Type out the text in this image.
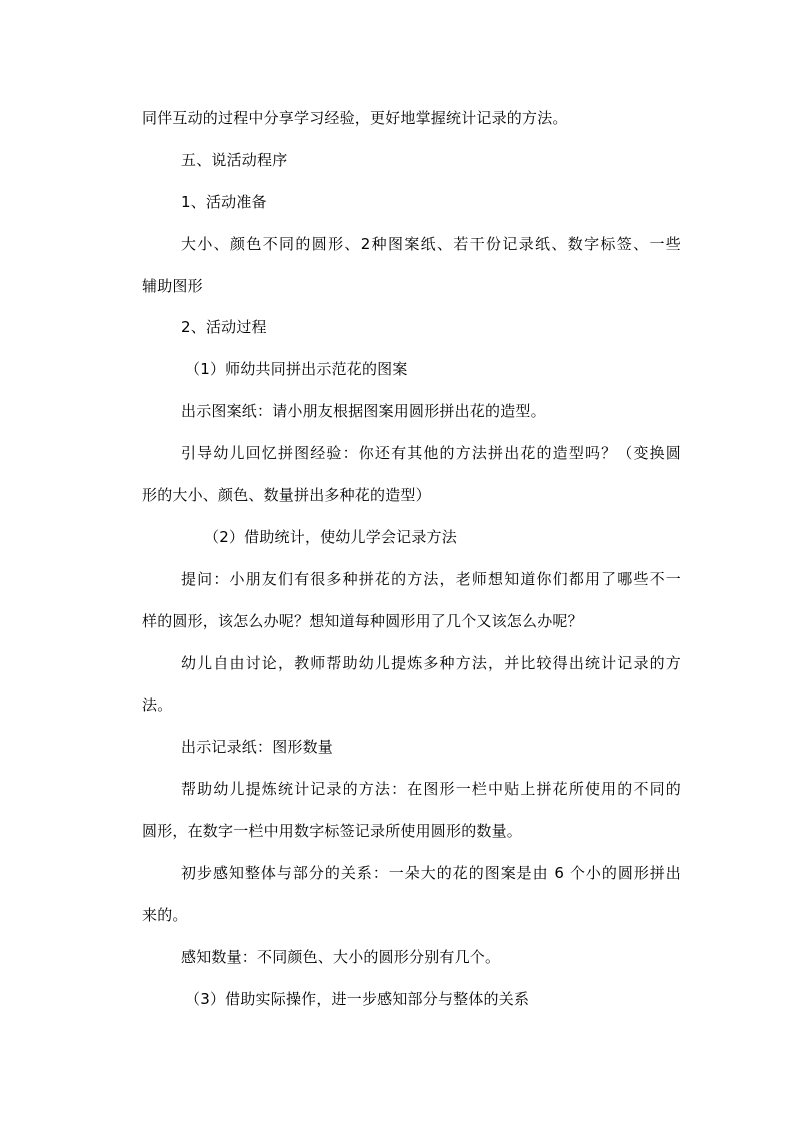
同伴互动的过程中分享学习经验，更好地掌握统计记录的方法。
五、说活动程序
1、活动准备
大小、颜色不同的圆形、2种图案纸、若干份记录纸、数字标签、一些
辅助图形
2、活动过程
（1）师幼共同拼出示范花的图案
出示图案纸：请小朋友根据图案用圆形拼出花的造型。
引导幼儿回忆拼图经验：你还有其他的方法拼出花的造型吗？（变换圆
形的大小、颜色、数量拼出多种花的造型）
（2）借助统计，使幼儿学会记录方法
提问：小朋友们有很多种拼花的方法，老师想知道你们都用了哪些不一
样的圆形，该怎么办呢？想知道每种圆形用了几个又该怎么办呢？
幼儿自由讨论，教师帮助幼儿提炼多种方法，并比较得出统计记录的方
法。
出示记录纸：图形数量
帮助幼儿提炼统计记录的方法：在图形一栏中贴上拼花所使用的不同的
圆形，在数字一栏中用数字标签记录所使用圆形的数量。
初步感知整体与部分的关系：一朵大的花的图案是由 6 个小的圆形拼出
来的。
感知数量：不同颜色、大小的圆形分别有几个。
（3）借助实际操作，进一步感知部分与整体的关系
